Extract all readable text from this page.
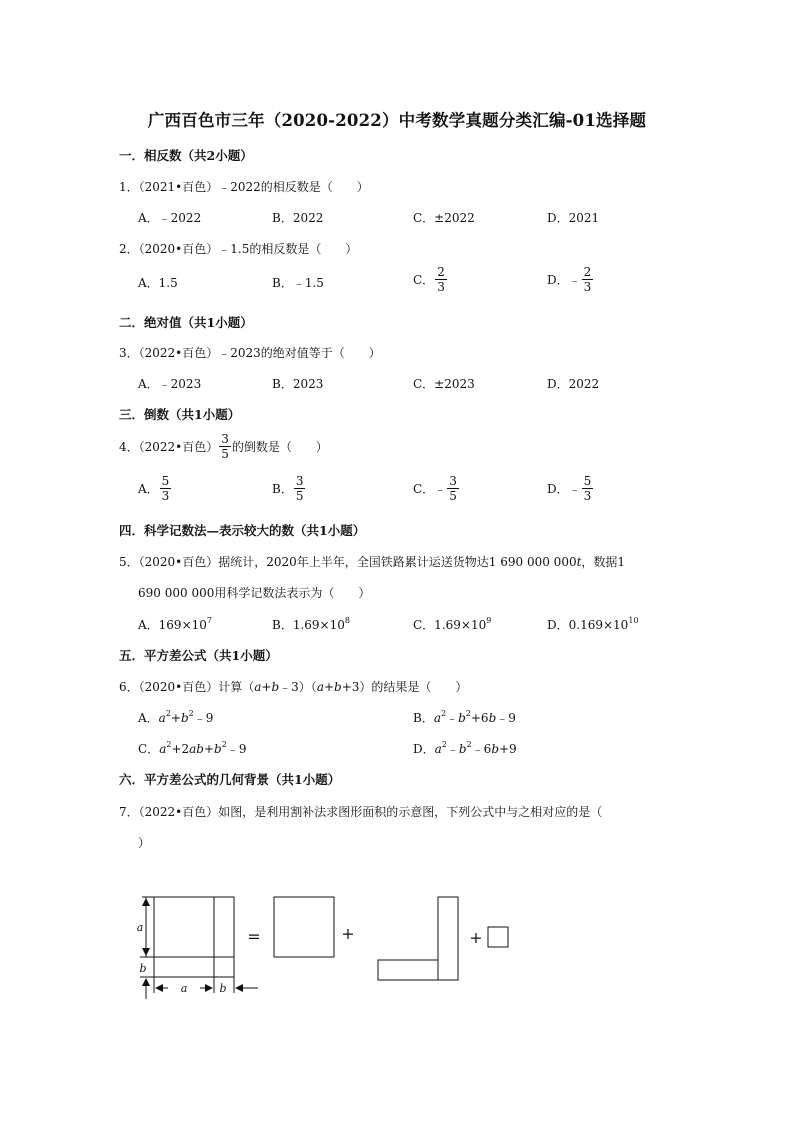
广西百色市三年（2020-2022）中考数学真题分类汇编-01选择题
一．相反数（共2小题）
1．（2021•百色）﹣2022的相反数是（　　）
A．﹣2022	B．2022	C．±2022	D．2021
2．（2020•百色）﹣1.5的相反数是（　　）
A．1.5	B．﹣1.5	C． $\frac{2}{3}$	D．﹣ $\frac{2}{3}$
二．绝对值（共1小题）
3．（2022•百色）﹣2023的绝对值等于（　　）
A．﹣2023	B．2023	C．±2023	D．2022
三．倒数（共1小题）
4．（2022•百色） $\frac{3}{5}$ 的倒数是（　　）
A． $\frac{5}{3}$	B． $\frac{3}{5}$	C．﹣ $\frac{3}{5}$	D．﹣ $\frac{5}{3}$
四．科学记数法—表示较大的数（共1小题）
5．（2020•百色）据统计，2020年上半年，全国铁路累计运送货物达1 690 000 000t，数据1
690 000 000用科学记数法表示为（　　）
A．$169\times 10^7$	B．$1.69\times 10^8$	C．$1.69\times 10^9$	D．$0.169\times 10^{10}$
五．平方差公式（共1小题）
6．（2020•百色）计算（a+b﹣3）（a+b+3）的结果是（　　）
A．$a^2+b^2﹣9$	B．$a^2﹣b^2+6b﹣9$
C．$a^2+2ab+b^2﹣9$	D．$a^2﹣b^2﹣6b+9$
六．平方差公式的几何背景（共1小题）
7．（2022•百色）如图，是利用割补法求图形面积的示意图，下列公式中与之相对应的是（
）
a
b
a	b
=	+	+
